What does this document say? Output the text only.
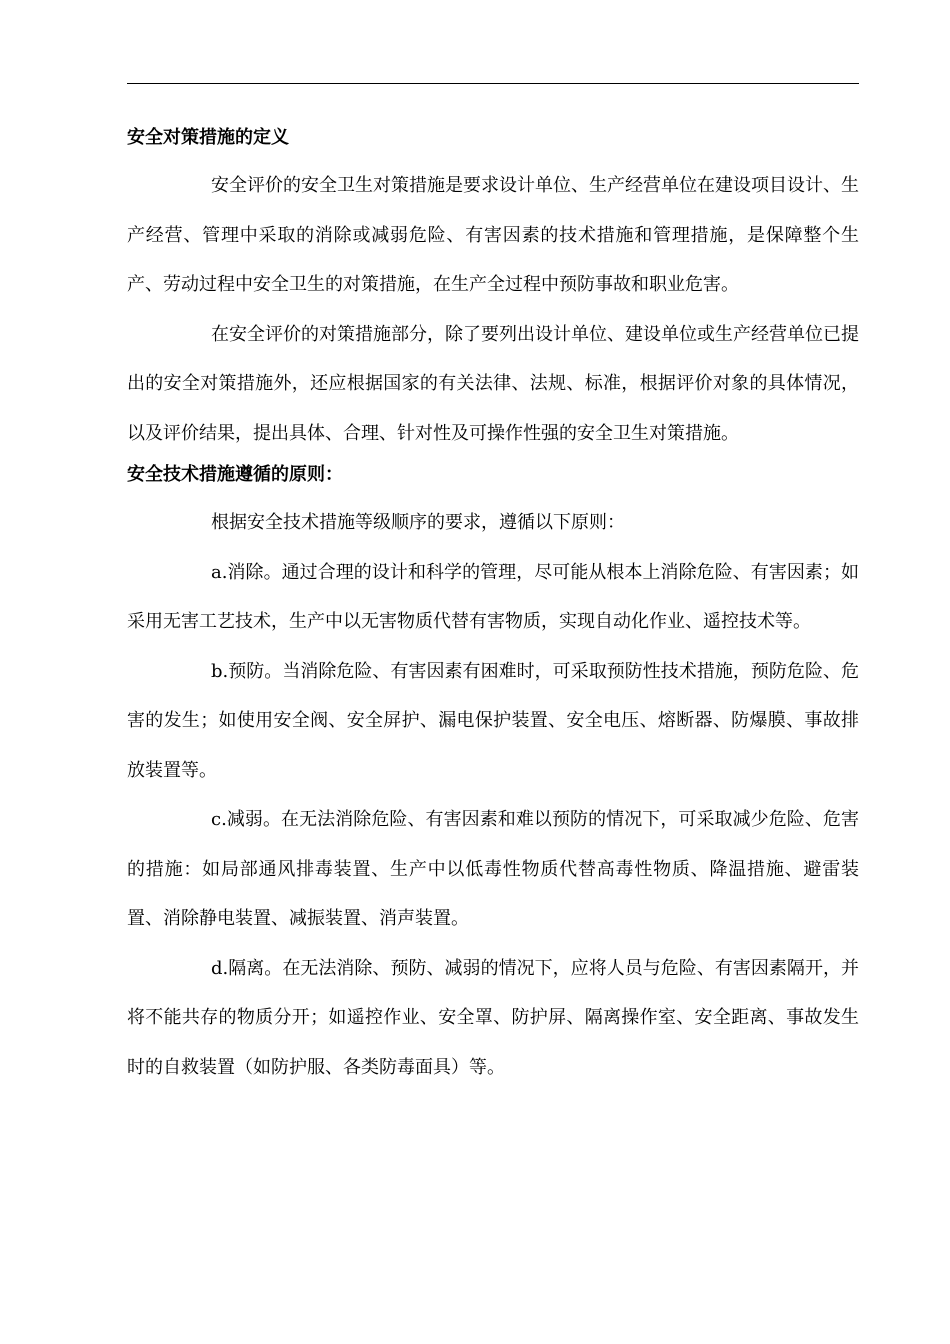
安全对策措施的定义

安全评价的安全卫生对策措施是要求设计单位、生产经营单位在建设项目设计、生产经营、管理中采取的消除或减弱危险、有害因素的技术措施和管理措施，是保障整个生产、劳动过程中安全卫生的对策措施，在生产全过程中预防事故和职业危害。

在安全评价的对策措施部分，除了要列出设计单位、建设单位或生产经营单位已提出的安全对策措施外，还应根据国家的有关法律、法规、标准，根据评价对象的具体情况，以及评价结果，提出具体、合理、针对性及可操作性强的安全卫生对策措施。

安全技术措施遵循的原则：

根据安全技术措施等级顺序的要求，遵循以下原则：

a.消除。通过合理的设计和科学的管理，尽可能从根本上消除危险、有害因素；如采用无害工艺技术，生产中以无害物质代替有害物质，实现自动化作业、遥控技术等。

b.预防。当消除危险、有害因素有困难时，可采取预防性技术措施，预防危险、危害的发生；如使用安全阀、安全屏护、漏电保护装置、安全电压、熔断器、防爆膜、事故排放装置等。

c.减弱。在无法消除危险、有害因素和难以预防的情况下，可采取减少危险、危害的措施：如局部通风排毒装置、生产中以低毒性物质代替高毒性物质、降温措施、避雷装置、消除静电装置、减振装置、消声装置。

d.隔离。在无法消除、预防、减弱的情况下，应将人员与危险、有害因素隔开，并将不能共存的物质分开；如遥控作业、安全罩、防护屏、隔离操作室、安全距离、事故发生时的自救装置（如防护服、各类防毒面具）等。
